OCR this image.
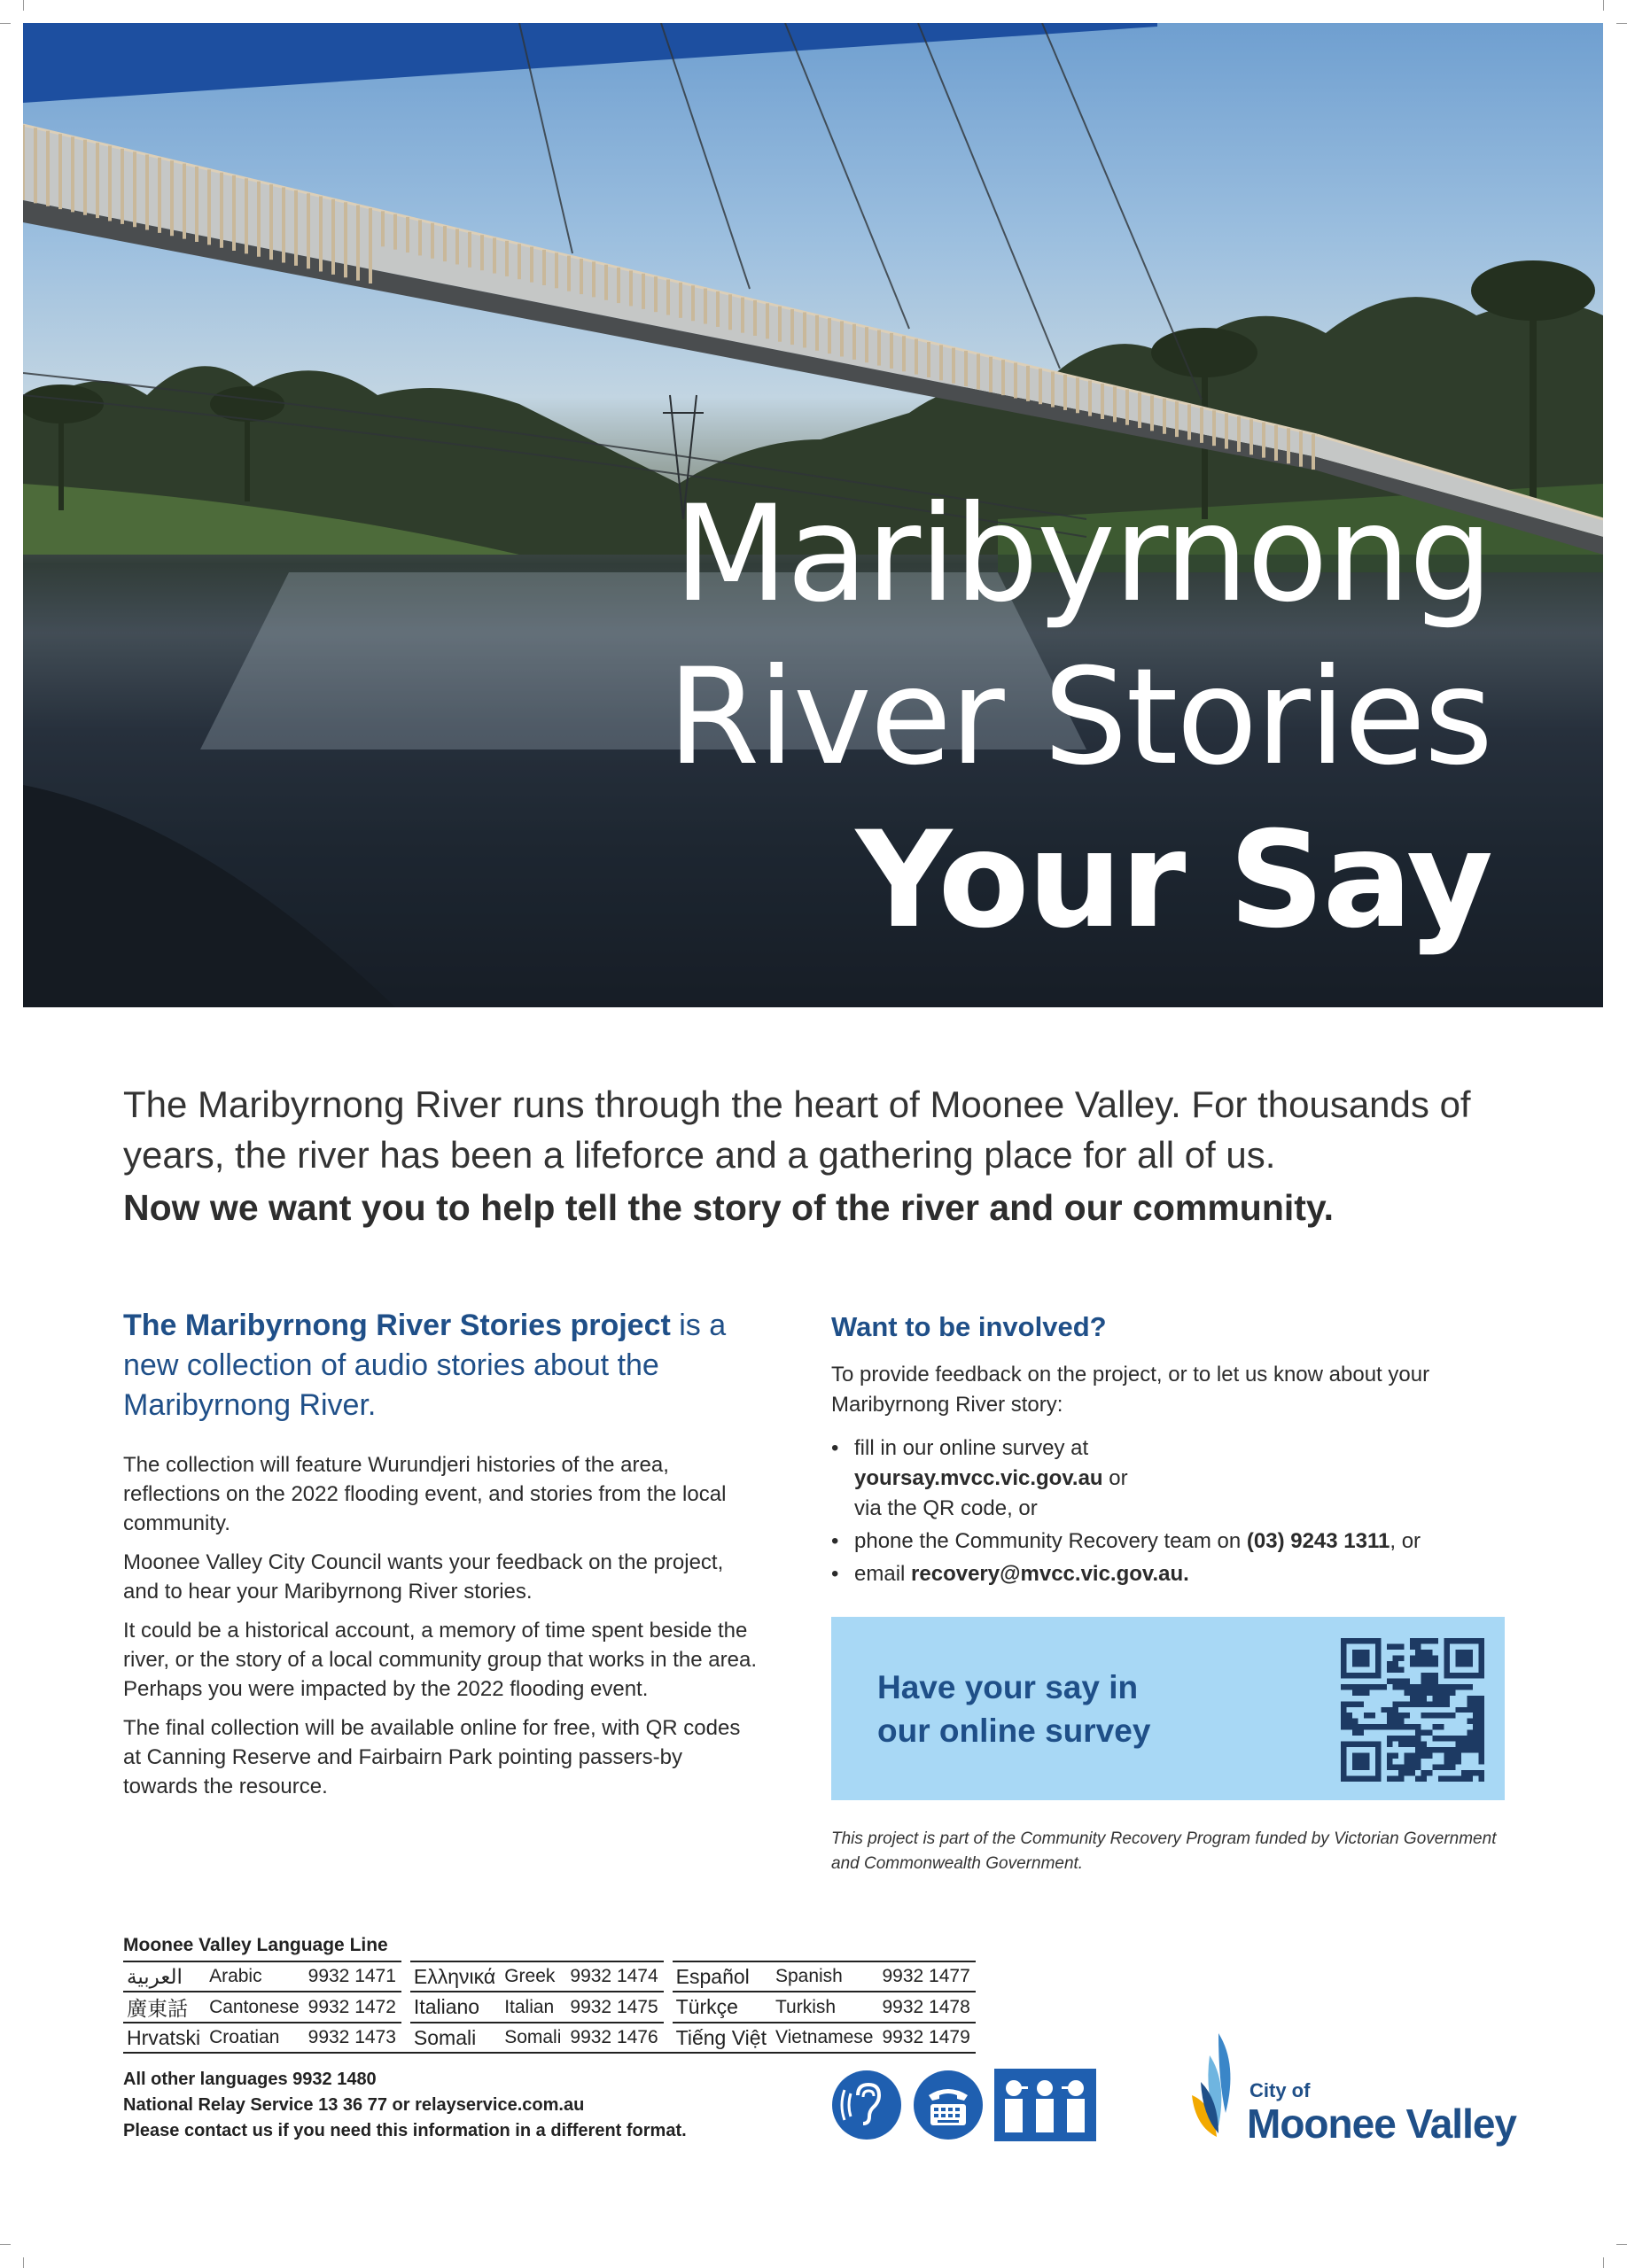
Maribyrnong
River Stories
Your Say
The Maribyrnong River runs through the heart of Moonee Valley. For thousands of years, the river has been a lifeforce and a gathering place for all of us.
Now we want you to help tell the story of the river and our community.
The Maribyrnong River Stories project is a new collection of audio stories about the Maribyrnong River.

The collection will feature Wurundjeri histories of the area, reflections on the 2022 flooding event, and stories from the local community.

Moonee Valley City Council wants your feedback on the project, and to hear your Maribyrnong River stories.

It could be a historical account, a memory of time spent beside the river, or the story of a local community group that works in the area. Perhaps you were impacted by the 2022 flooding event.

The final collection will be available online for free, with QR codes at Canning Reserve and Fairbairn Park pointing passers-by towards the resource.

Want to be involved?
To provide feedback on the project, or to let us know about your Maribyrnong River story:
• fill in our online survey at
yoursay.mvcc.vic.gov.au or
via the QR code, or
• phone the Community Recovery team on (03) 9243 1311, or
• email recovery@mvcc.vic.gov.au.
Have your say in
our online survey
This project is part of the Community Recovery Program funded by Victorian Government and Commonwealth Government.
Moonee Valley Language Line
العربية	Arabic	9932 1471		Ελληνικά	Greek	9932 1474		Español	Spanish	9932 1477
廣東話	Cantonese	9932 1472		Italiano	Italian	9932 1475		Türkçe	Turkish	9932 1478
Hrvatski	Croatian	9932 1473		Somali	Somali	9932 1476		Tiếng Việt	Vietnamese	9932 1479
All other languages 9932 1480
National Relay Service 13 36 77 or relayservice.com.au
Please contact us if you need this information in a different format.
City of
Moonee Valley
